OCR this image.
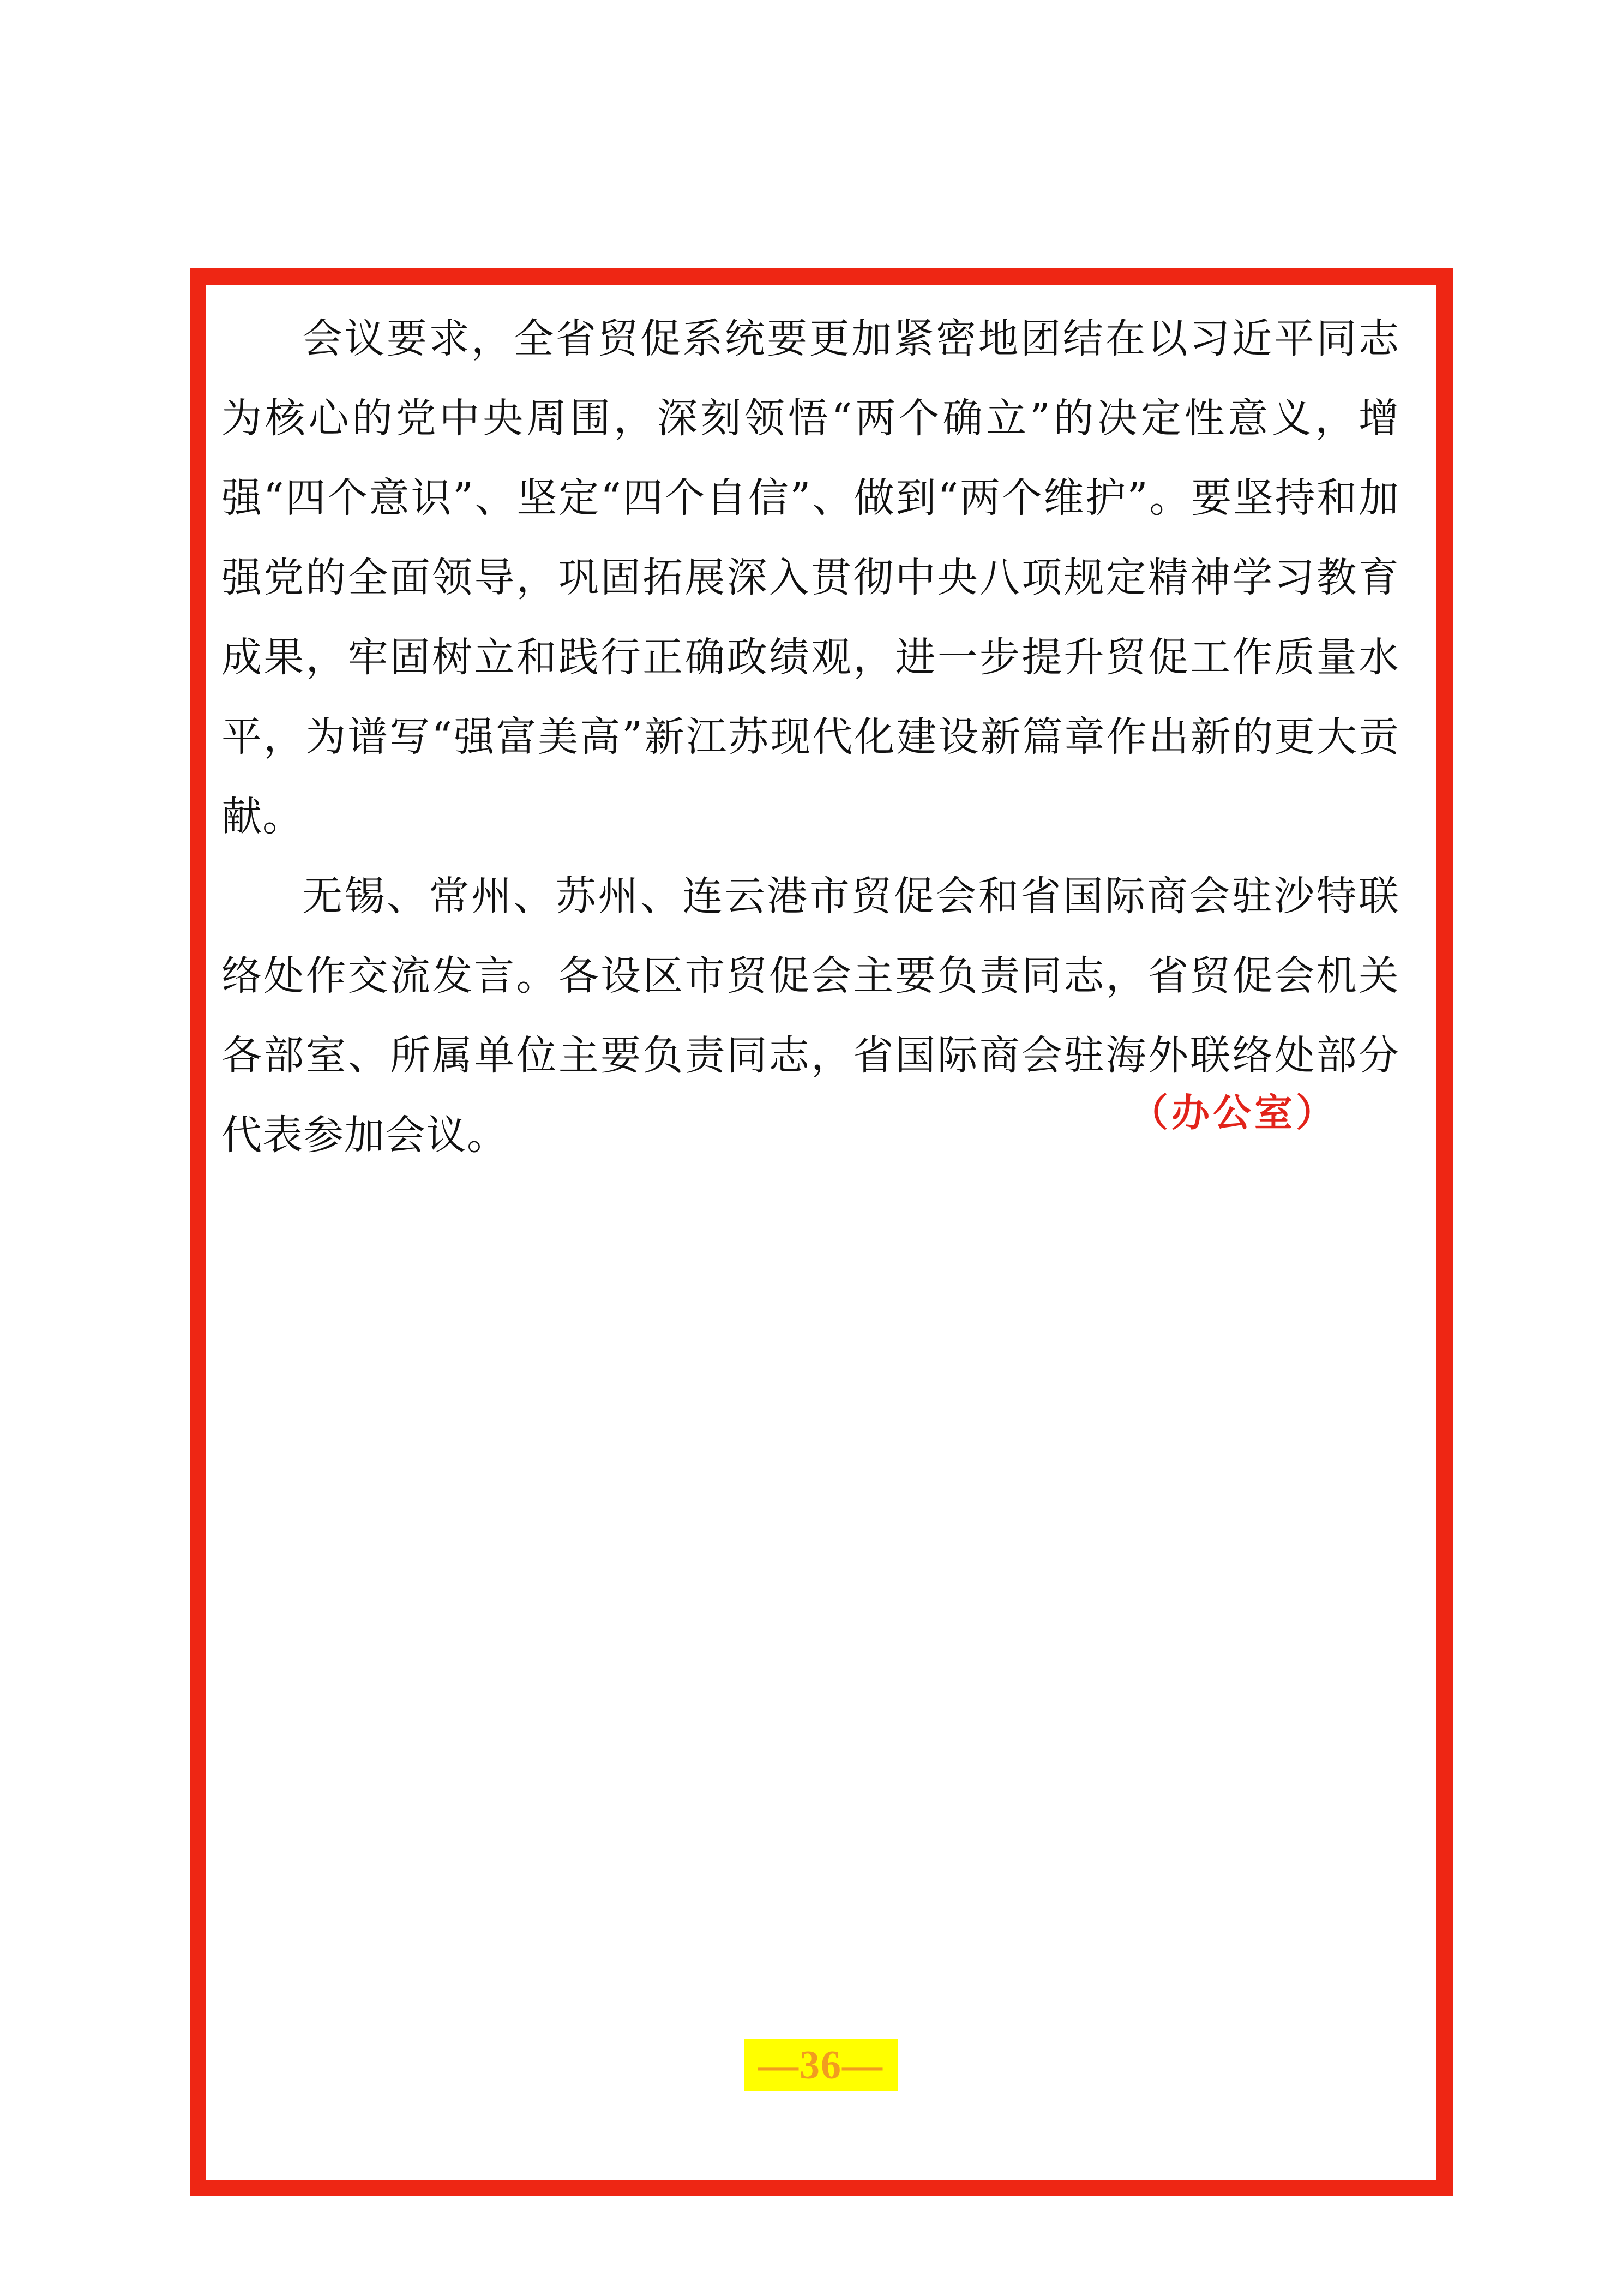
会议要求，全省贸促系统要更加紧密地团结在以习近平同志为核心的党中央周围，深刻领悟“两个确立”的决定性意义，增强“四个意识”、坚定“四个自信”、做到“两个维护”。要坚持和加强党的全面领导，巩固拓展深入贯彻中央八项规定精神学习教育成果，牢固树立和践行正确政绩观，进一步提升贸促工作质量水平，为谱写“强富美高”新江苏现代化建设新篇章作出新的更大贡献。

无锡、常州、苏州、连云港市贸促会和省国际商会驻沙特联络处作交流发言。各设区市贸促会主要负责同志，省贸促会机关各部室、所属单位主要负责同志，省国际商会驻海外联络处部分代表参加会议。	（办公室）
—36—
